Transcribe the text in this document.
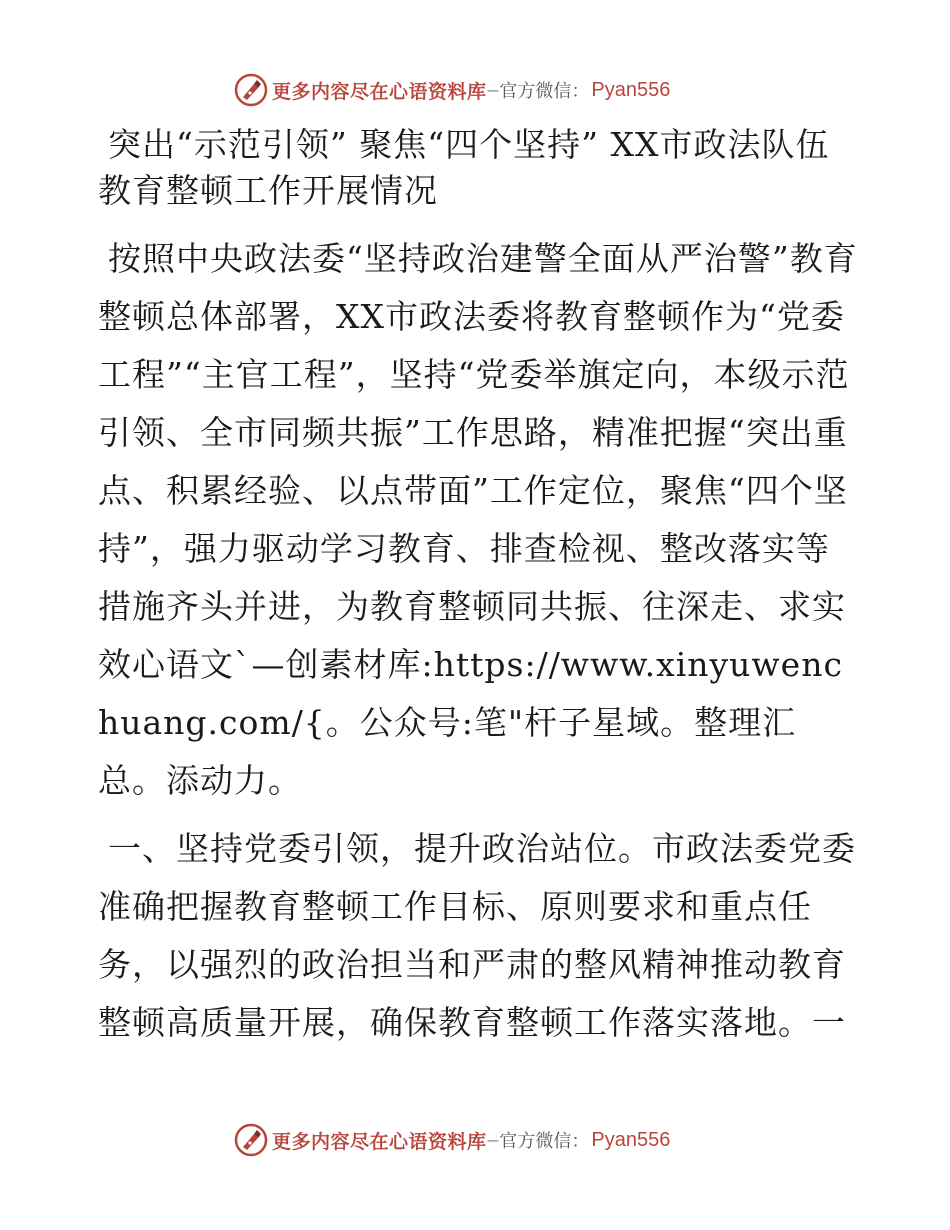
更多内容尽在心语资料库 — 官方微信： Pyan556
突出“示范引领” 聚焦“四个坚持” XX市政法队伍教育整顿工作开展情况

按照中央政法委“坚持政治建警全面从严治警”教育整顿总体部署，XX市政法委将教育整顿作为“党委工程”“主官工程”，坚持“党委举旗定向，本级示范引领、全市同频共振”工作思路，精准把握“突出重点、积累经验、以点带面”工作定位，聚焦“四个坚持”，强力驱动学习教育、排查检视、整改落实等措施齐头并进，为教育整顿同共振、往深走、求实效心语文`—创素材库:https://www.xinyuwenchuang.com/{。公众号:笔"杆子星域。整理汇总。添动力。

一、坚持党委引领，提升政治站位。市政法委党委准确把握教育整顿工作目标、原则要求和重点任务，以强烈的政治担当和严肃的整风精神推动教育整顿高质量开展，确保教育整顿工作落实落地。一

更多内容尽在心语资料库 — 官方微信： Pyan556
